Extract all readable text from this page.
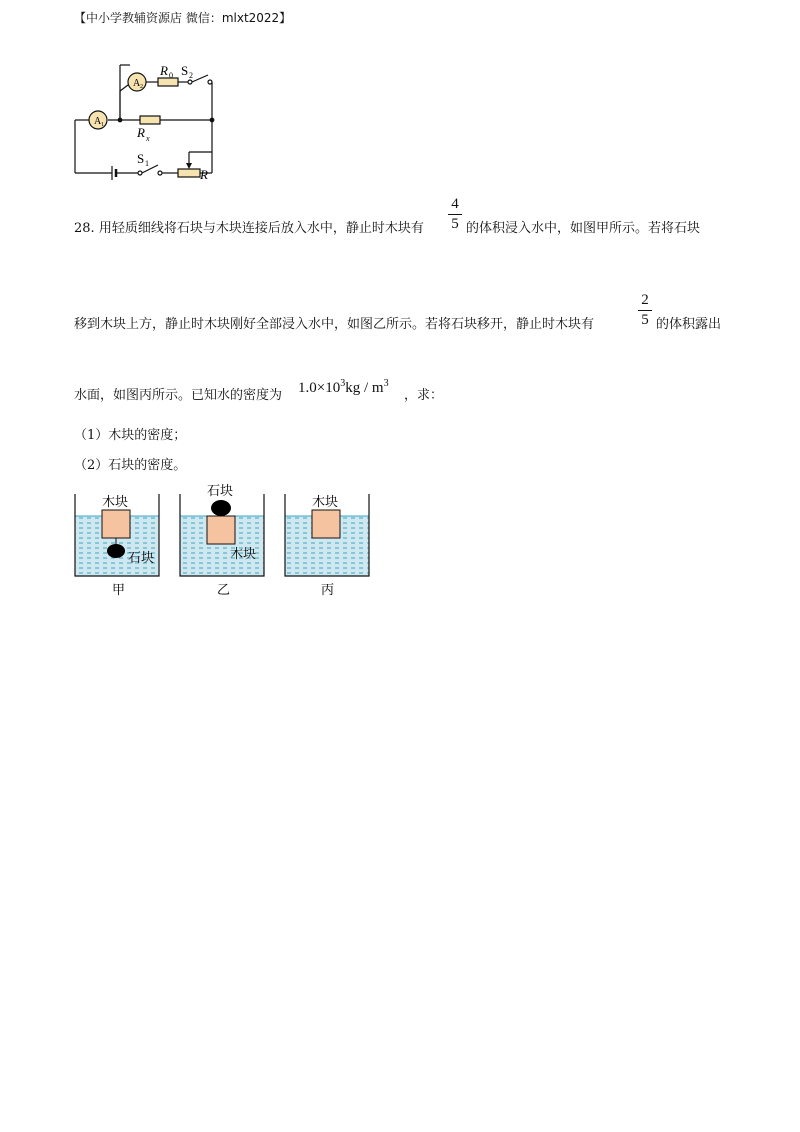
【中小学教辅资源店 微信：mlxt2022】
A 2
A 1
R 0 S 2
R x
S 1
R
28. 用轻质细线将石块与木块连接后放入水中，静止时木块有
4
5 的体积浸入水中，如图甲所示。若将石块
移到木块上方，静止时木块刚好全部浸入水中，如图乙所示。若将石块移开，静止时木块有
2
5 的体积露出
水面，如图丙所示。已知水的密度为 $1.0\times 10^3kg / m^3$
，求：
（1）木块的密度；
（2）石块的密度。
木块
石块
甲
石块
木块
乙
木块
丙
